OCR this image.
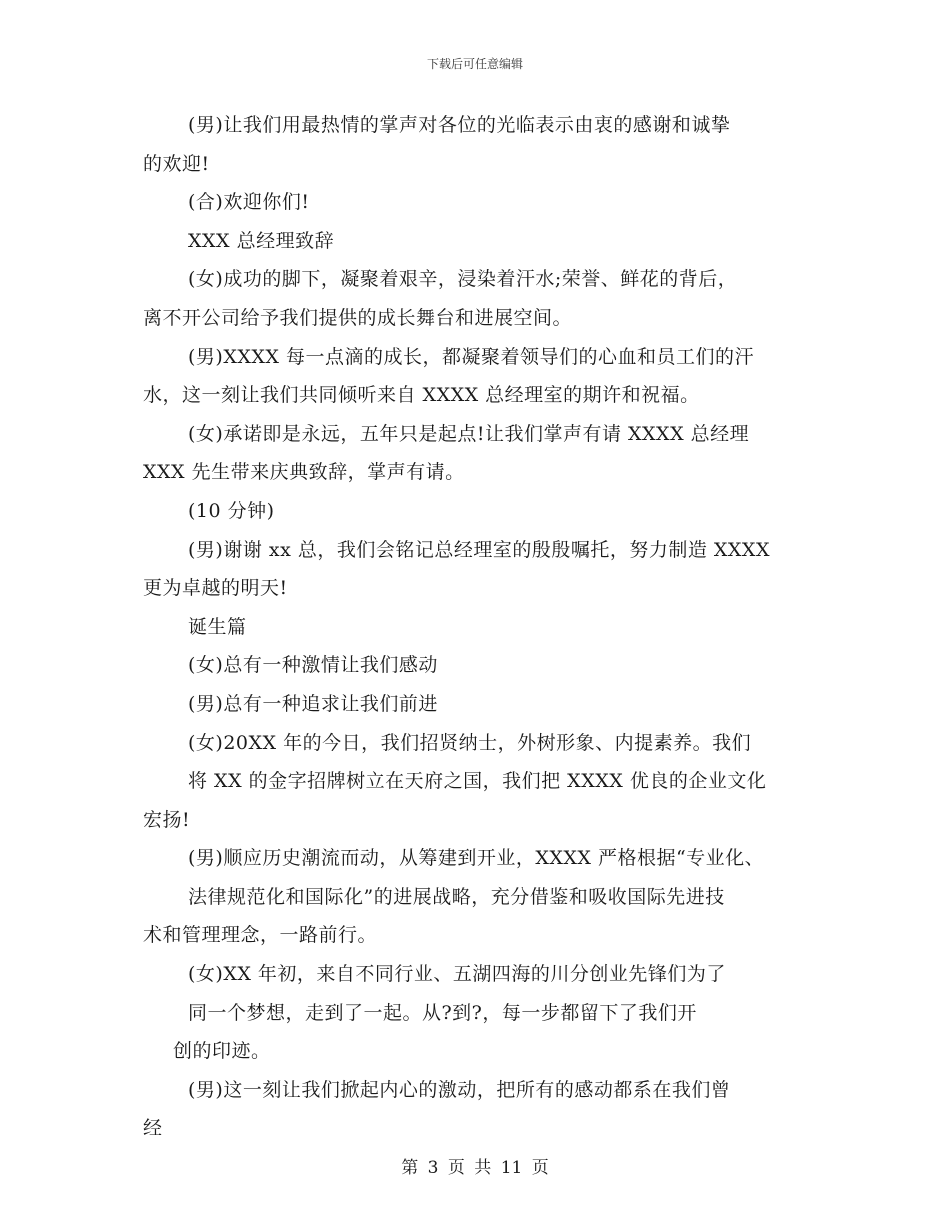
下载后可任意编辑
(男)让我们用最热情的掌声对各位的光临表示由衷的感谢和诚挚
的欢迎!
(合)欢迎你们!
XXX 总经理致辞
(女)成功的脚下，凝聚着艰辛，浸染着汗水;荣誉、鲜花的背后，
离不开公司给予我们提供的成长舞台和进展空间。
(男)XXXX 每一点滴的成长，都凝聚着领导们的心血和员工们的汗
水，这一刻让我们共同倾听来自 XXXX 总经理室的期许和祝福。
(女)承诺即是永远，五年只是起点!让我们掌声有请 XXXX 总经理
XXX 先生带来庆典致辞，掌声有请。
(10 分钟)
(男)谢谢 xx 总，我们会铭记总经理室的殷殷嘱托，努力制造 XXXX
更为卓越的明天!
诞生篇
(女)总有一种激情让我们感动
(男)总有一种追求让我们前进
(女)20XX 年的今日，我们招贤纳士，外树形象、内提素养。我们
将 XX 的金字招牌树立在天府之国，我们把 XXXX 优良的企业文化
宏扬!
(男)顺应历史潮流而动，从筹建到开业，XXXX 严格根据“专业化、
法律规范化和国际化”的进展战略，充分借鉴和吸收国际先进技
术和管理理念，一路前行。
(女)XX 年初，来自不同行业、五湖四海的川分创业先锋们为了
同一个梦想，走到了一起。从?到?，每一步都留下了我们开
创的印迹。
(男)这一刻让我们掀起内心的激动，把所有的感动都系在我们曾
经
第 3 页 共 11 页
